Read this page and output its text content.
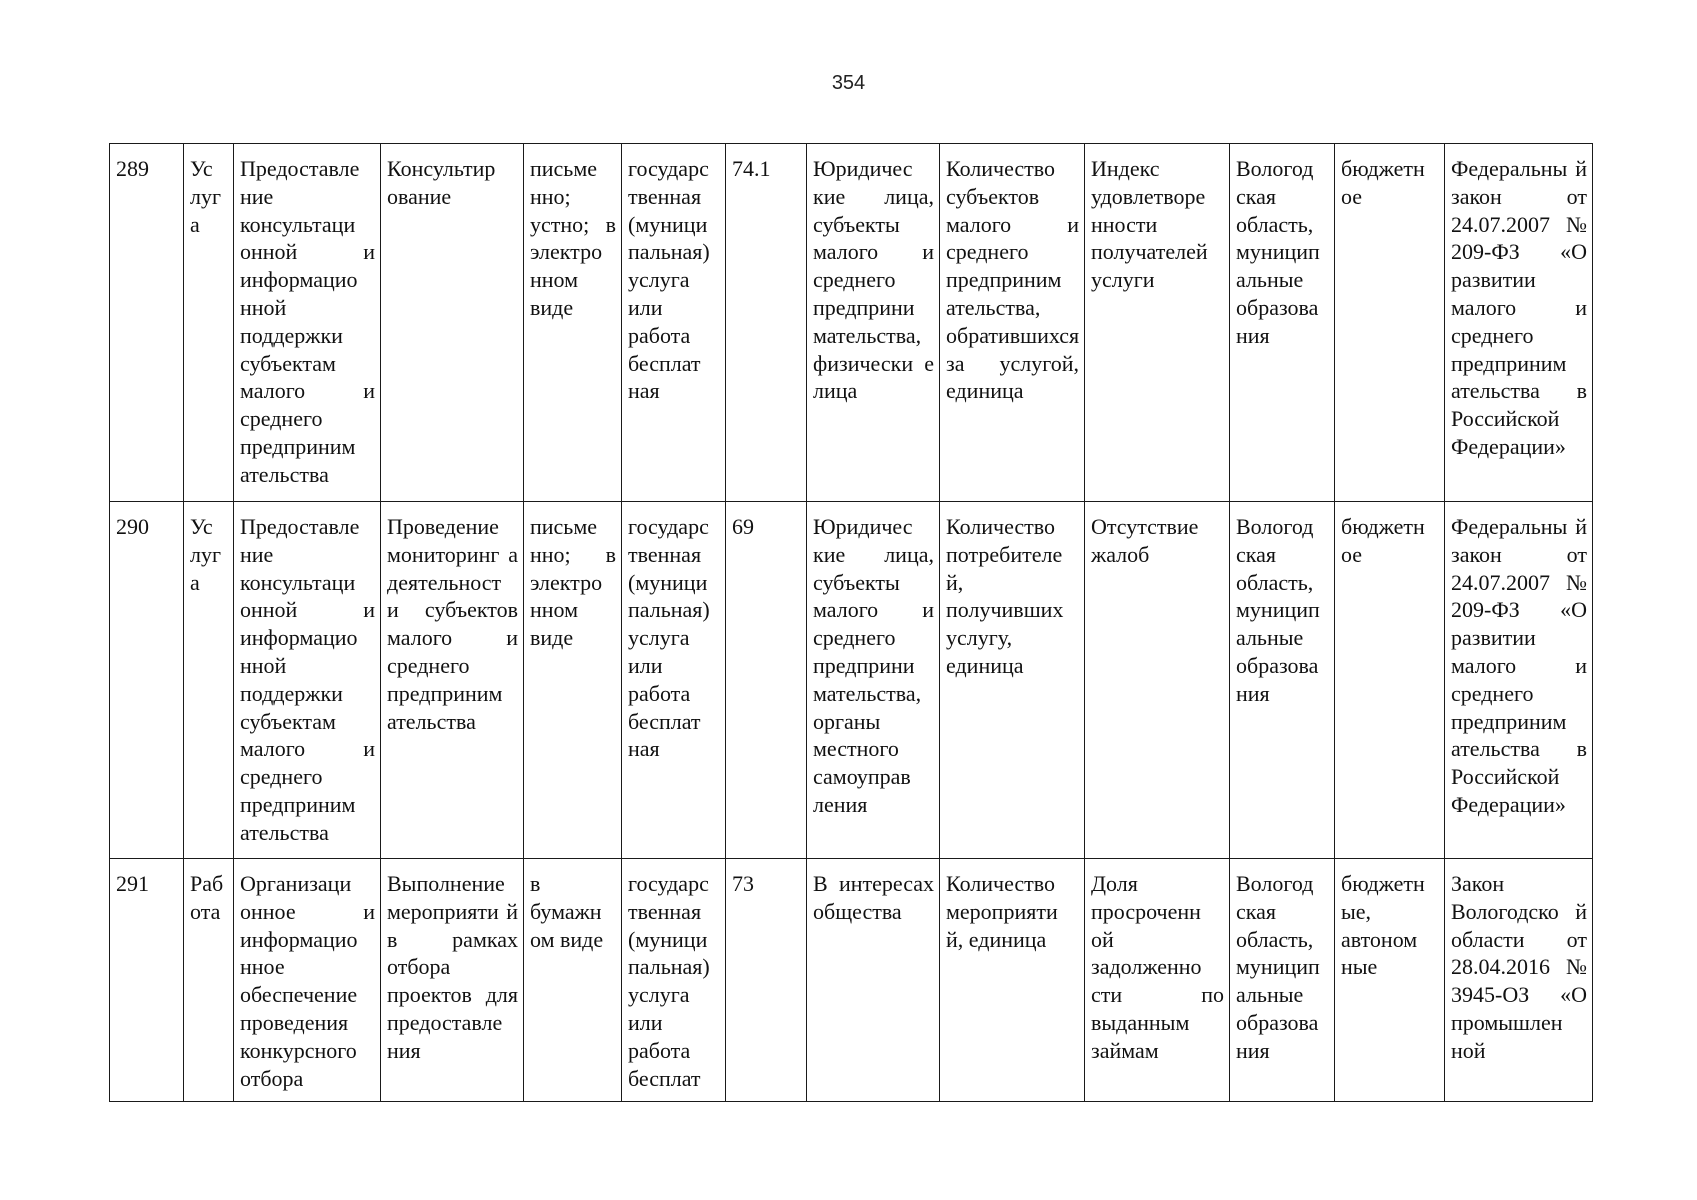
354
289	Ус луг а	Предоставле ние консультаци онной и информацио нной поддержки субъектам малого и среднего предприним ательства	Консультир ование	письме нно; устно; в электро нном виде	государс твенная (муници пальная) услуга или работа бесплат ная	74.1	Юридичес кие лица, субъекты малого и среднего предприни мательства, физически е лица	Количество субъектов малого и среднего предприним ательства, обратившихся за услугой, единица	Индекс удовлетворе нности получателей услуги	Вологод ская область, муницип альные образова ния	бюджетн ое	Федеральны й закон от 24.07.2007 № 209-ФЗ «О развитии малого и среднего предприним ательства в Российской Федерации»
290	Ус луг а	Предоставле ние консультаци онной и информацио нной поддержки субъектам малого и среднего предприним ательства	Проведение мониторинг а деятельност и субъектов малого и среднего предприним ательства	письме нно; в электро нном виде	государс твенная (муници пальная) услуга или работа бесплат ная	69	Юридичес кие лица, субъекты малого и среднего предприни мательства, органы местного самоуправ ления	Количество потребителе й, получивших услугу, единица	Отсутствие жалоб	Вологод ская область, муницип альные образова ния	бюджетн ое	Федеральны й закон от 24.07.2007 № 209-ФЗ «О развитии малого и среднего предприним ательства в Российской Федерации»
291	Раб ота	Организаци онное и информацио нное обеспечение проведения конкурсного отбора	Выполнение мероприяти й в рамках отбора проектов для предоставле ния	в бумажн ом виде	государс твенная (муници пальная) услуга или работа бесплат	73	В интересах общества	Количество мероприяти й, единица	Доля просроченн ой задолженно сти по выданным займам	Вологод ская область, муницип альные образова ния	бюджетн ые, автоном ные	Закон Вологодско й области от 28.04.2016 № 3945-ОЗ «О промышлен ной
